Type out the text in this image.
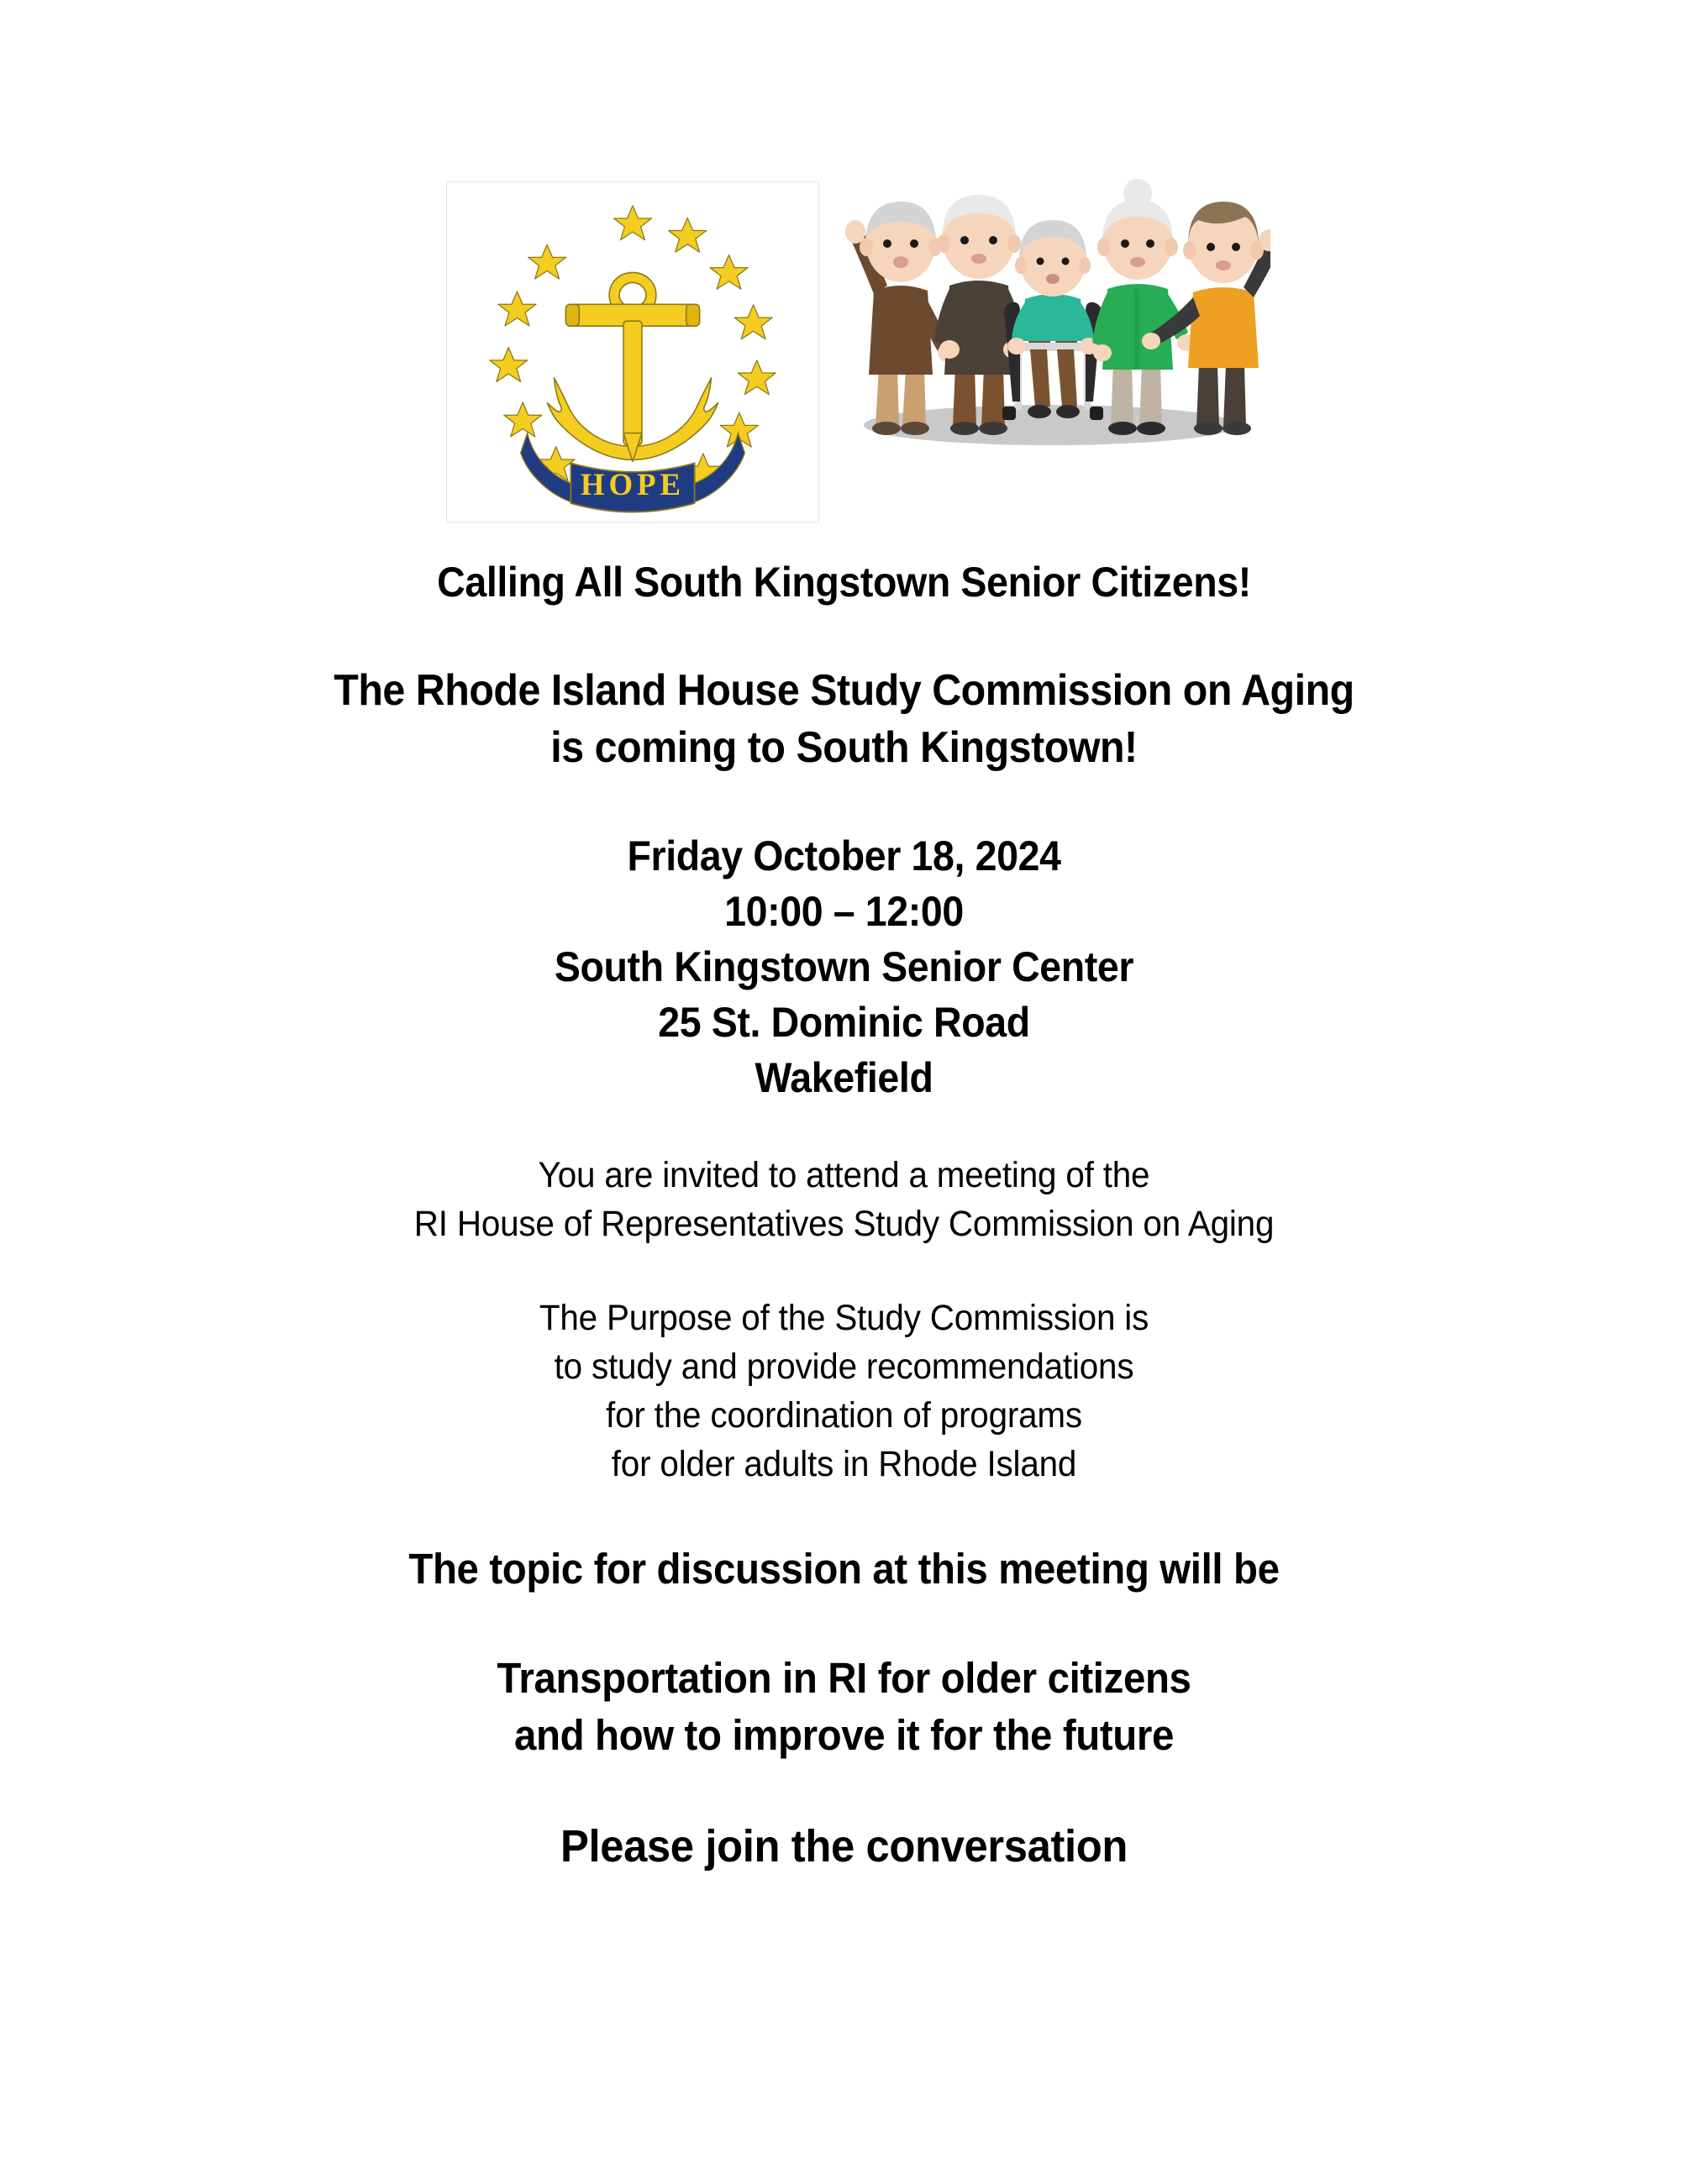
HOPE
Calling All South Kingstown Senior Citizens!
The Rhode Island House Study Commission on Aging
is coming to South Kingstown!
Friday October 18, 2024
10:00 – 12:00
South Kingstown Senior Center
25 St. Dominic Road
Wakefield
You are invited to attend a meeting of the
RI House of Representatives Study Commission on Aging
The Purpose of the Study Commission is
to study and provide recommendations
for the coordination of programs
for older adults in Rhode Island
The topic for discussion at this meeting will be
Transportation in RI for older citizens
and how to improve it for the future
Please join the conversation
